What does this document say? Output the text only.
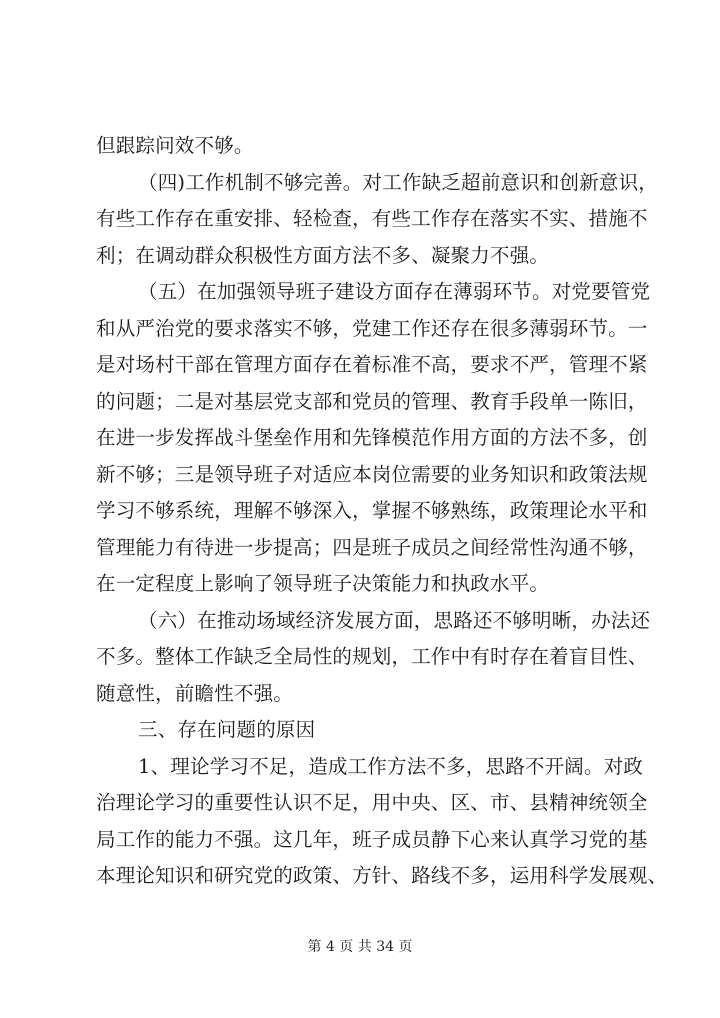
但跟踪问效不够。
（四)工作机制不够完善。对工作缺乏超前意识和创新意识，
有些工作存在重安排、轻检查，有些工作存在落实不实、措施不
利；在调动群众积极性方面方法不多、凝聚力不强。
（五）在加强领导班子建设方面存在薄弱环节。对党要管党
和从严治党的要求落实不够，党建工作还存在很多薄弱环节。一
是对场村干部在管理方面存在着标准不高，要求不严，管理不紧
的问题；二是对基层党支部和党员的管理、教育手段单一陈旧，
在进一步发挥战斗堡垒作用和先锋模范作用方面的方法不多，创
新不够；三是领导班子对适应本岗位需要的业务知识和政策法规
学习不够系统，理解不够深入，掌握不够熟练，政策理论水平和
管理能力有待进一步提高；四是班子成员之间经常性沟通不够，
在一定程度上影响了领导班子决策能力和执政水平。
（六）在推动场域经济发展方面，思路还不够明晰，办法还
不多。整体工作缺乏全局性的规划，工作中有时存在着盲目性、
随意性，前瞻性不强。
三、存在问题的原因
1、理论学习不足，造成工作方法不多，思路不开阔。对政
治理论学习的重要性认识不足，用中央、区、市、县精神统领全
局工作的能力不强。这几年，班子成员静下心来认真学习党的基
本理论知识和研究党的政策、方针、路线不多，运用科学发展观、
第 4 页 共 34 页
